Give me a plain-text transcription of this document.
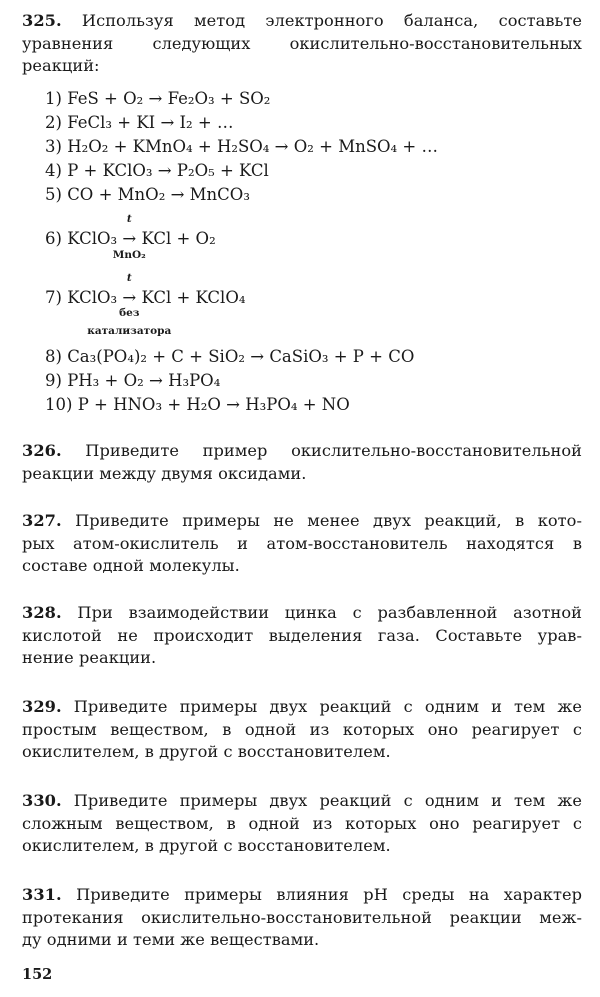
325. Используя метод электронного баланса, составьте
уравнения следующих окислительно-восстановительных
реакций:
1) FeS + O₂ → Fe₂O₃ + SO₂
2) FeCl₃ + KI → I₂ + …
3) H₂O₂ + KMnO₄ + H₂SO₄ → O₂ + MnSO₄ + …
4) P + KClO₃ → P₂O₅ + KCl
5) CO + MnO₂ → MnCO₃
6) KClO₃ →
t
MnO₂
KCl + O₂
7) KClO₃ →
t
без
катализатора
KCl + KClO₄
8) Ca₃(PO₄)₂ + C + SiO₂ → CaSiO₃ + P + CO
9) PH₃ + O₂ → H₃PO₄
10) P + HNO₃ + H₂O → H₃PO₄ + NO
326. Приведите пример окислительно-восстановительной
реакции между двумя оксидами.
327. Приведите примеры не менее двух реакций, в кото-
рых атом-окислитель и атом-восстановитель находятся в
составе одной молекулы.
328. При взаимодействии цинка с разбавленной азотной
кислотой не происходит выделения газа. Составьте урав-
нение реакции.
329. Приведите примеры двух реакций с одним и тем же
простым веществом, в одной из которых оно реагирует с
окислителем, в другой с восстановителем.
330. Приведите примеры двух реакций с одним и тем же
сложным веществом, в одной из которых оно реагирует с
окислителем, в другой с восстановителем.
331. Приведите примеры влияния pH среды на характер
протекания окислительно-восстановительной реакции меж-
ду одними и теми же веществами.
152
